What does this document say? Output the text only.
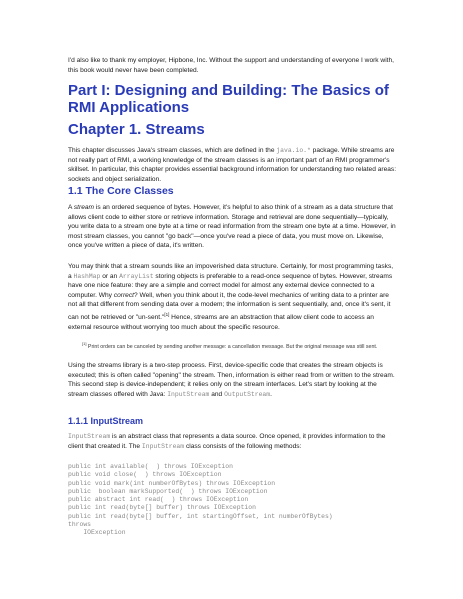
I'd also like to thank my employer, Hipbone, Inc. Without the support and understanding of everyone I work with, this book would never have been completed.

Part I: Designing and Building: The Basics of RMI Applications
Chapter 1. Streams

This chapter discusses Java's stream classes, which are defined in the java.io.* package. While streams are not really part of RMI, a working knowledge of the stream classes is an important part of an RMI programmer's skillset. In particular, this chapter provides essential background information for understanding two related areas: sockets and object serialization.

1.1 The Core Classes

A stream is an ordered sequence of bytes. However, it's helpful to also think of a stream as a data structure that allows client code to either store or retrieve information. Storage and retrieval are done sequentially—typically, you write data to a stream one byte at a time or read information from the stream one byte at a time. However, in most stream classes, you cannot "go back"—once you've read a piece of data, you must move on. Likewise, once you've written a piece of data, it's written.

You may think that a stream sounds like an impoverished data structure. Certainly, for most programming tasks, a HashMap or an ArrayList storing objects is preferable to a read-once sequence of bytes. However, streams have one nice feature: they are a simple and correct model for almost any external device connected to a computer. Why correct? Well, when you think about it, the code-level mechanics of writing data to a printer are not all that different from sending data over a modem; the information is sent sequentially, and, once it's sent, it can not be retrieved or "un-sent."[1] Hence, streams are an abstraction that allow client code to access an external resource without worrying too much about the specific resource.

[1] Print orders can be canceled by sending another message: a cancellation message. But the original message was still sent.

Using the streams library is a two-step process. First, device-specific code that creates the stream objects is executed; this is often called "opening" the stream. Then, information is either read from or written to the stream. This second step is device-independent; it relies only on the stream interfaces. Let's start by looking at the stream classes offered with Java: InputStream and OutputStream.

1.1.1 InputStream

InputStream is an abstract class that represents a data source. Once opened, it provides information to the client that created it. The InputStream class consists of the following methods:

public int available(  ) throws IOException
public void close(  ) throws IOException
public void mark(int numberOfBytes) throws IOException
public  boolean markSupported(  ) throws IOException
public abstract int read(  ) throws IOException
public int read(byte[] buffer) throws IOException
public int read(byte[] buffer, int startingOffset, int numberOfBytes)
throws
IOException
